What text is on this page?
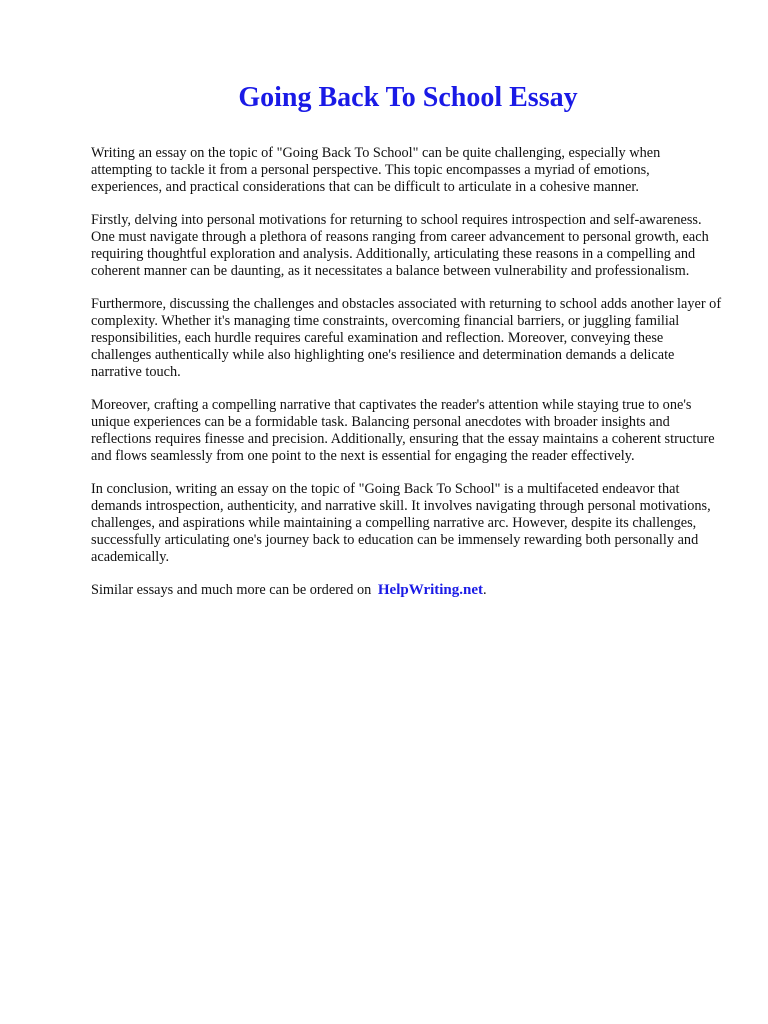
Going Back To School Essay

Writing an essay on the topic of "Going Back To School" can be quite challenging, especially when attempting to tackle it from a personal perspective. This topic encompasses a myriad of emotions, experiences, and practical considerations that can be difficult to articulate in a cohesive manner.

Firstly, delving into personal motivations for returning to school requires introspection and self-awareness. One must navigate through a plethora of reasons ranging from career advancement to personal growth, each requiring thoughtful exploration and analysis. Additionally, articulating these reasons in a compelling and coherent manner can be daunting, as it necessitates a balance between vulnerability and professionalism.

Furthermore, discussing the challenges and obstacles associated with returning to school adds another layer of complexity. Whether it's managing time constraints, overcoming financial barriers, or juggling familial responsibilities, each hurdle requires careful examination and reflection. Moreover, conveying these challenges authentically while also highlighting one's resilience and determination demands a delicate narrative touch.

Moreover, crafting a compelling narrative that captivates the reader's attention while staying true to one's unique experiences can be a formidable task. Balancing personal anecdotes with broader insights and reflections requires finesse and precision. Additionally, ensuring that the essay maintains a coherent structure and flows seamlessly from one point to the next is essential for engaging the reader effectively.

In conclusion, writing an essay on the topic of "Going Back To School" is a multifaceted endeavor that demands introspection, authenticity, and narrative skill. It involves navigating through personal motivations, challenges, and aspirations while maintaining a compelling narrative arc. However, despite its challenges, successfully articulating one's journey back to education can be immensely rewarding both personally and academically.

Similar essays and much more can be ordered on HelpWriting.net.
